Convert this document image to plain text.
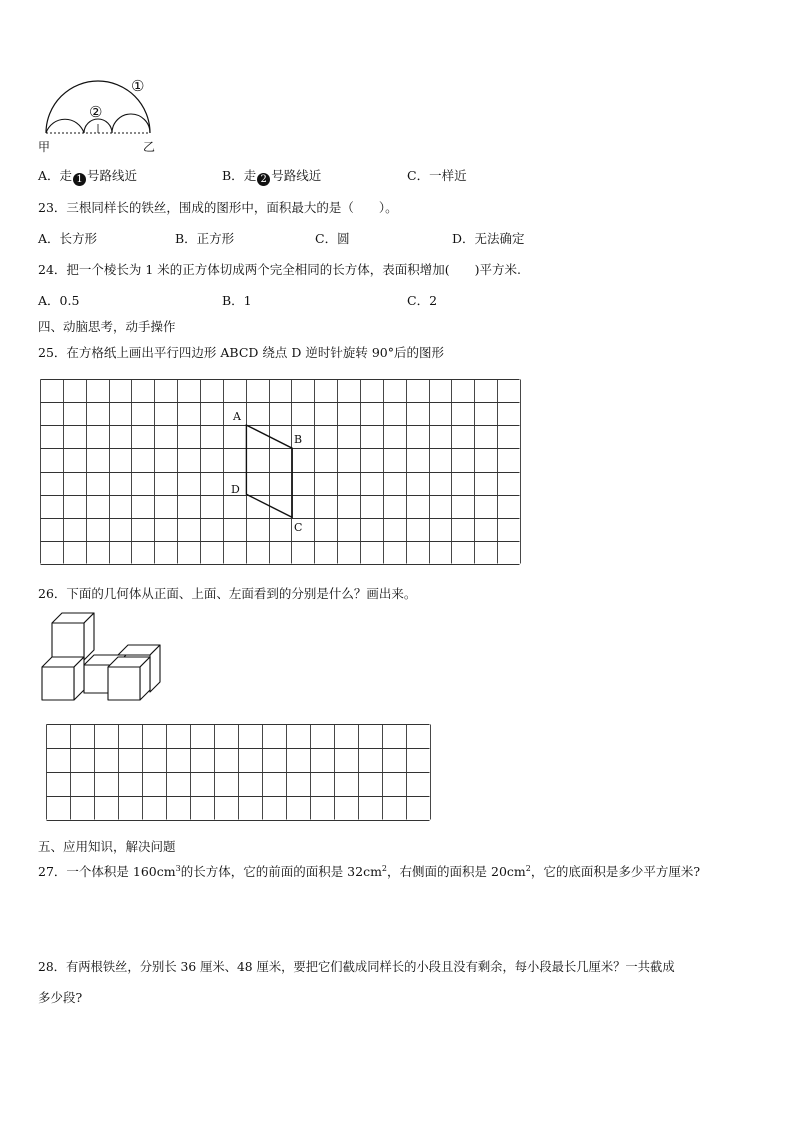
①
②
甲	乙
A．走 1 号路线近	B．走 2 号路线近	C．一样近
23．三根同样长的铁丝，围成的图形中，面积最大的是（　　）。
A．长方形	B．正方形	C．圆	D．无法确定
24．把一个棱长为 1 米的正方体切成两个完全相同的长方体，表面积增加(　　)平方米.
A．0.5	B．1	C．2
四、动脑思考，动手操作
25．在方格纸上画出平行四边形 ABCD 绕点 D 逆时针旋转 90°后的图形
A
B
C
D
26．下面的几何体从正面、上面、左面看到的分别是什么？画出来。
五、应用知识，解决问题
27．一个体积是 $160cm^3$的长方体，它的前面的面积是 $32cm^2$，右侧面的面积是 $20cm^2$，它的底面积是多少平方厘米?
28．有两根铁丝，分别长 36 厘米、48 厘米，要把它们截成同样长的小段且没有剩余，每小段最长几厘米？一共截成
多少段?
